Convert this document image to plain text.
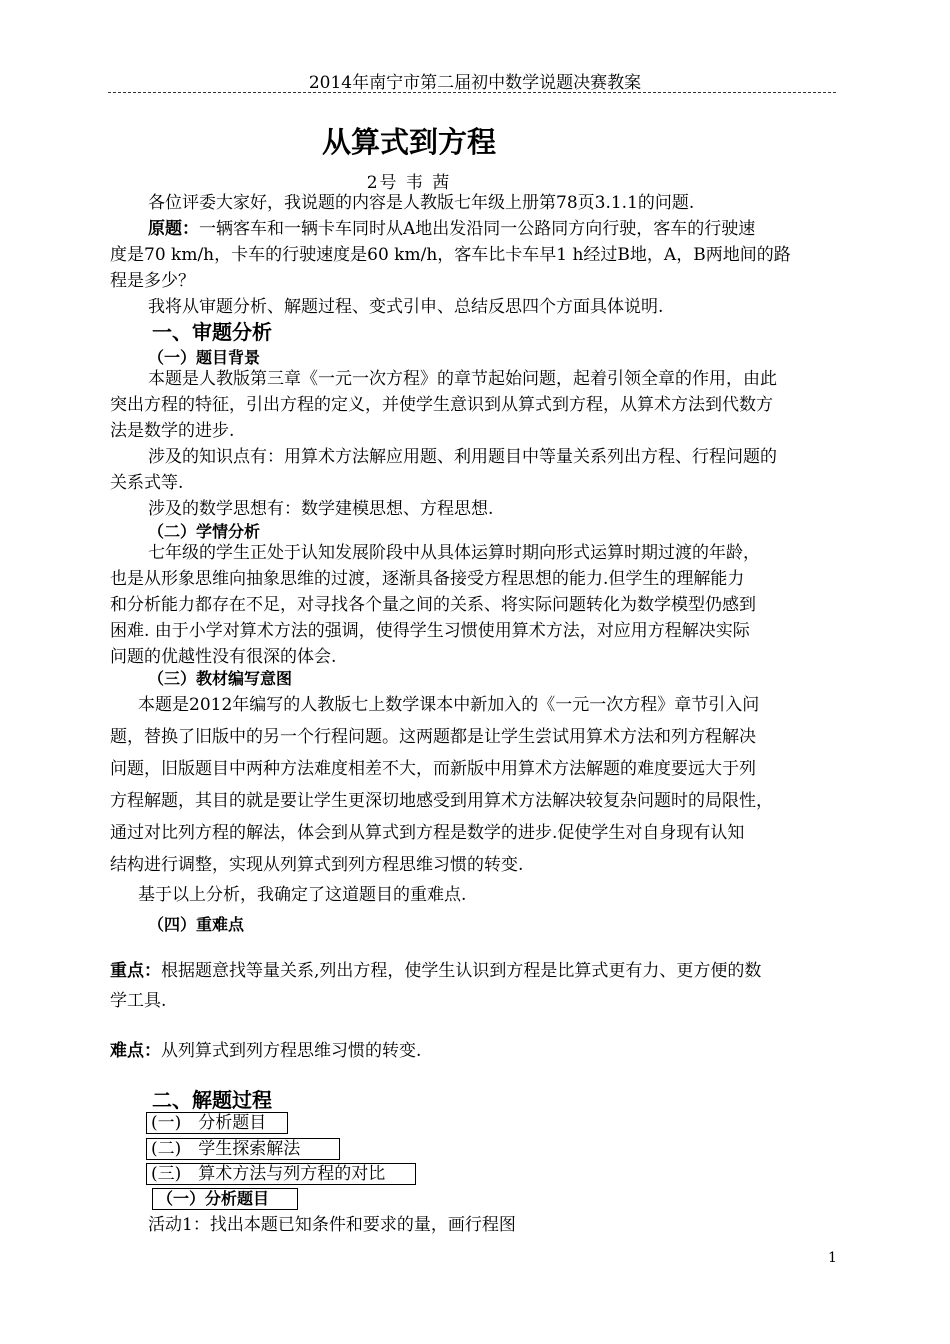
2014年南宁市第二届初中数学说题决赛教案
从算式到方程
2号 韦 茜
各位评委大家好，我说题的内容是人教版七年级上册第78页3.1.1的问题.
原题：一辆客车和一辆卡车同时从A地出发沿同一公路同方向行驶，客车的行驶速
度是70 km/h，卡车的行驶速度是60 km/h，客车比卡车早1 h经过B地，A，B两地间的路
程是多少？
我将从审题分析、解题过程、变式引申、总结反思四个方面具体说明.
一、审题分析
（一）题目背景
本题是人教版第三章《一元一次方程》的章节起始问题，起着引领全章的作用，由此
突出方程的特征，引出方程的定义，并使学生意识到从算式到方程，从算术方法到代数方
法是数学的进步.
涉及的知识点有：用算术方法解应用题、利用题目中等量关系列出方程、行程问题的
关系式等.
涉及的数学思想有：数学建模思想、方程思想.
（二）学情分析
七年级的学生正处于认知发展阶段中从具体运算时期向形式运算时期过渡的年龄，
也是从形象思维向抽象思维的过渡，逐渐具备接受方程思想的能力.但学生的理解能力
和分析能力都存在不足，对寻找各个量之间的关系、将实际问题转化为数学模型仍感到
困难. 由于小学对算术方法的强调，使得学生习惯使用算术方法，对应用方程解决实际
问题的优越性没有很深的体会.
（三）教材编写意图
本题是2012年编写的人教版七上数学课本中新加入的《一元一次方程》章节引入问
题，替换了旧版中的另一个行程问题。这两题都是让学生尝试用算术方法和列方程解决
问题，旧版题目中两种方法难度相差不大，而新版中用算术方法解题的难度要远大于列
方程解题，其目的就是要让学生更深切地感受到用算术方法解决较复杂问题时的局限性，
通过对比列方程的解法，体会到从算式到方程是数学的进步.促使学生对自身现有认知
结构进行调整，实现从列算式到列方程思维习惯的转变.
基于以上分析，我确定了这道题目的重难点.
（四）重难点
重点：根据题意找等量关系,列出方程，使学生认识到方程是比算式更有力、更方便的数
学工具.
难点：从列算式到列方程思维习惯的转变.
二、解题过程
(一)　分析题目
(二)　学生探索解法
(三)　算术方法与列方程的对比
（一）分析题目
活动1：找出本题已知条件和要求的量，画行程图
1
